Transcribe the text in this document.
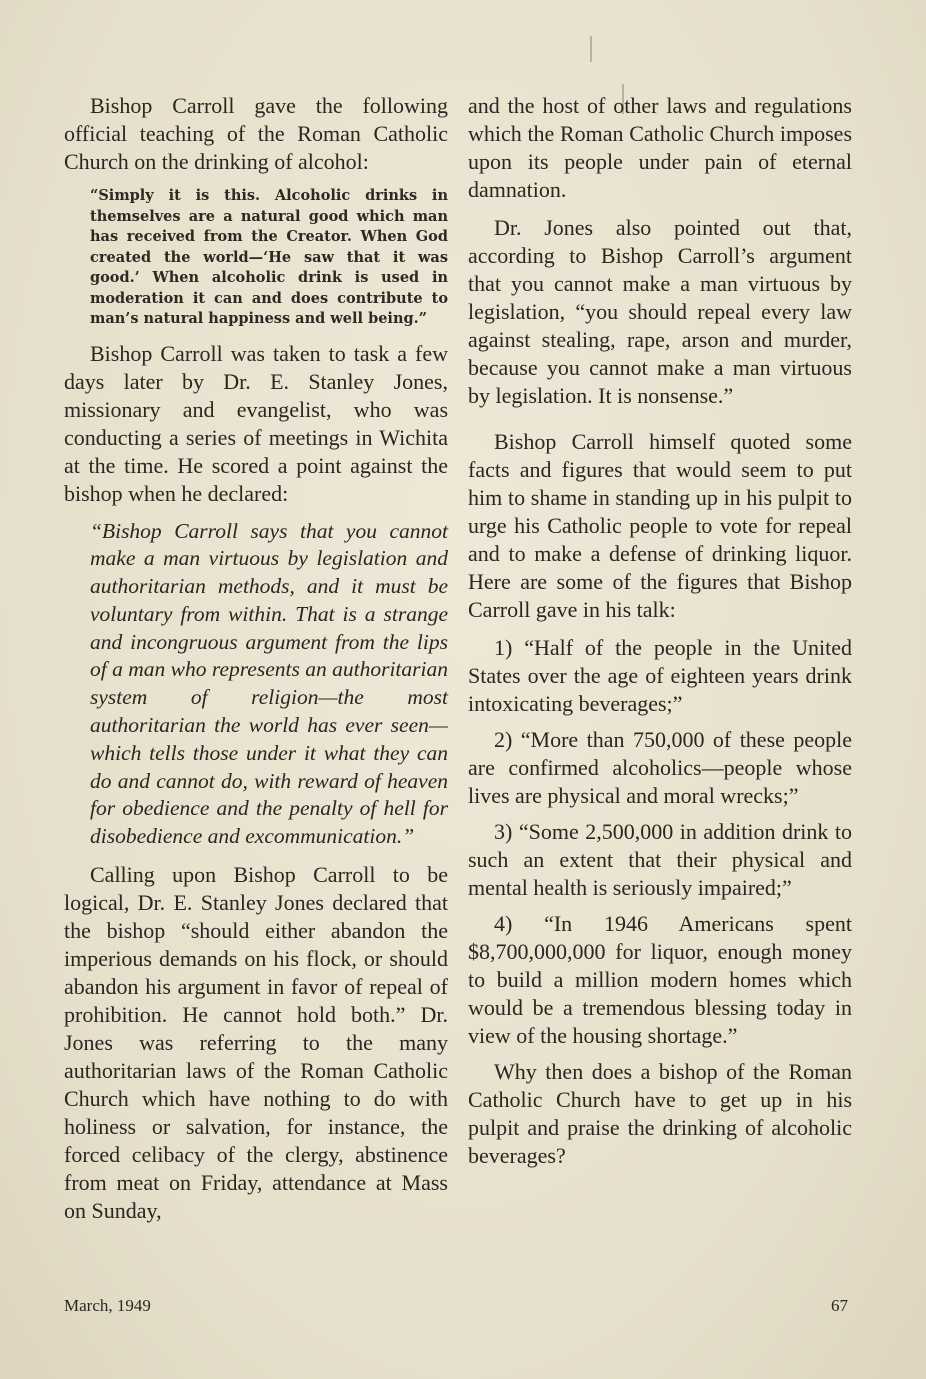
Bishop Carroll gave the following official teaching of the Roman Catholic Church on the drinking of alcohol:

“Simply it is this. Alcoholic drinks in themselves are a natural good which man has received from the Creator. When God created the world—‘He saw that it was good.’ When alcoholic drink is used in moderation it can and does contribute to man’s natural happiness and well being.”

Bishop Carroll was taken to task a few days later by Dr. E. Stanley Jones, missionary and evangelist, who was conducting a series of meetings in Wichita at the time. He scored a point against the bishop when he declared:

“Bishop Carroll says that you cannot make a man virtuous by legislation and authoritarian methods, and it must be voluntary from within. That is a strange and incongruous argument from the lips of a man who represents an authoritarian system of religion—the most authoritarian the world has ever seen—which tells those under it what they can do and cannot do, with reward of heaven for obedience and the penalty of hell for disobedience and excommunication.”

Calling upon Bishop Carroll to be logical, Dr. E. Stanley Jones declared that the bishop “should either abandon the imperious demands on his flock, or should abandon his argument in favor of repeal of prohibition. He cannot hold both.” Dr. Jones was referring to the many authoritarian laws of the Roman Catholic Church which have nothing to do with holiness or salvation, for instance, the forced celibacy of the clergy, abstinence from meat on Friday, attendance at Mass on Sunday,

and the host of other laws and regulations which the Roman Catholic Church imposes upon its people under pain of eternal damnation.

Dr. Jones also pointed out that, according to Bishop Carroll’s argument that you cannot make a man virtuous by legislation, “you should repeal every law against stealing, rape, arson and murder, because you cannot make a man virtuous by legislation. It is nonsense.”

Bishop Carroll himself quoted some facts and figures that would seem to put him to shame in standing up in his pulpit to urge his Catholic people to vote for repeal and to make a defense of drinking liquor. Here are some of the figures that Bishop Carroll gave in his talk:

1) “Half of the people in the United States over the age of eighteen years drink intoxicating beverages;”

2) “More than 750,000 of these people are confirmed alcoholics—people whose lives are physical and moral wrecks;”

3) “Some 2,500,000 in addition drink to such an extent that their physical and mental health is seriously impaired;”

4) “In 1946 Americans spent $8,700,000,000 for liquor, enough money to build a million modern homes which would be a tremendous blessing today in view of the housing shortage.”

Why then does a bishop of the Roman Catholic Church have to get up in his pulpit and praise the drinking of alcoholic beverages?

March, 1949	67
